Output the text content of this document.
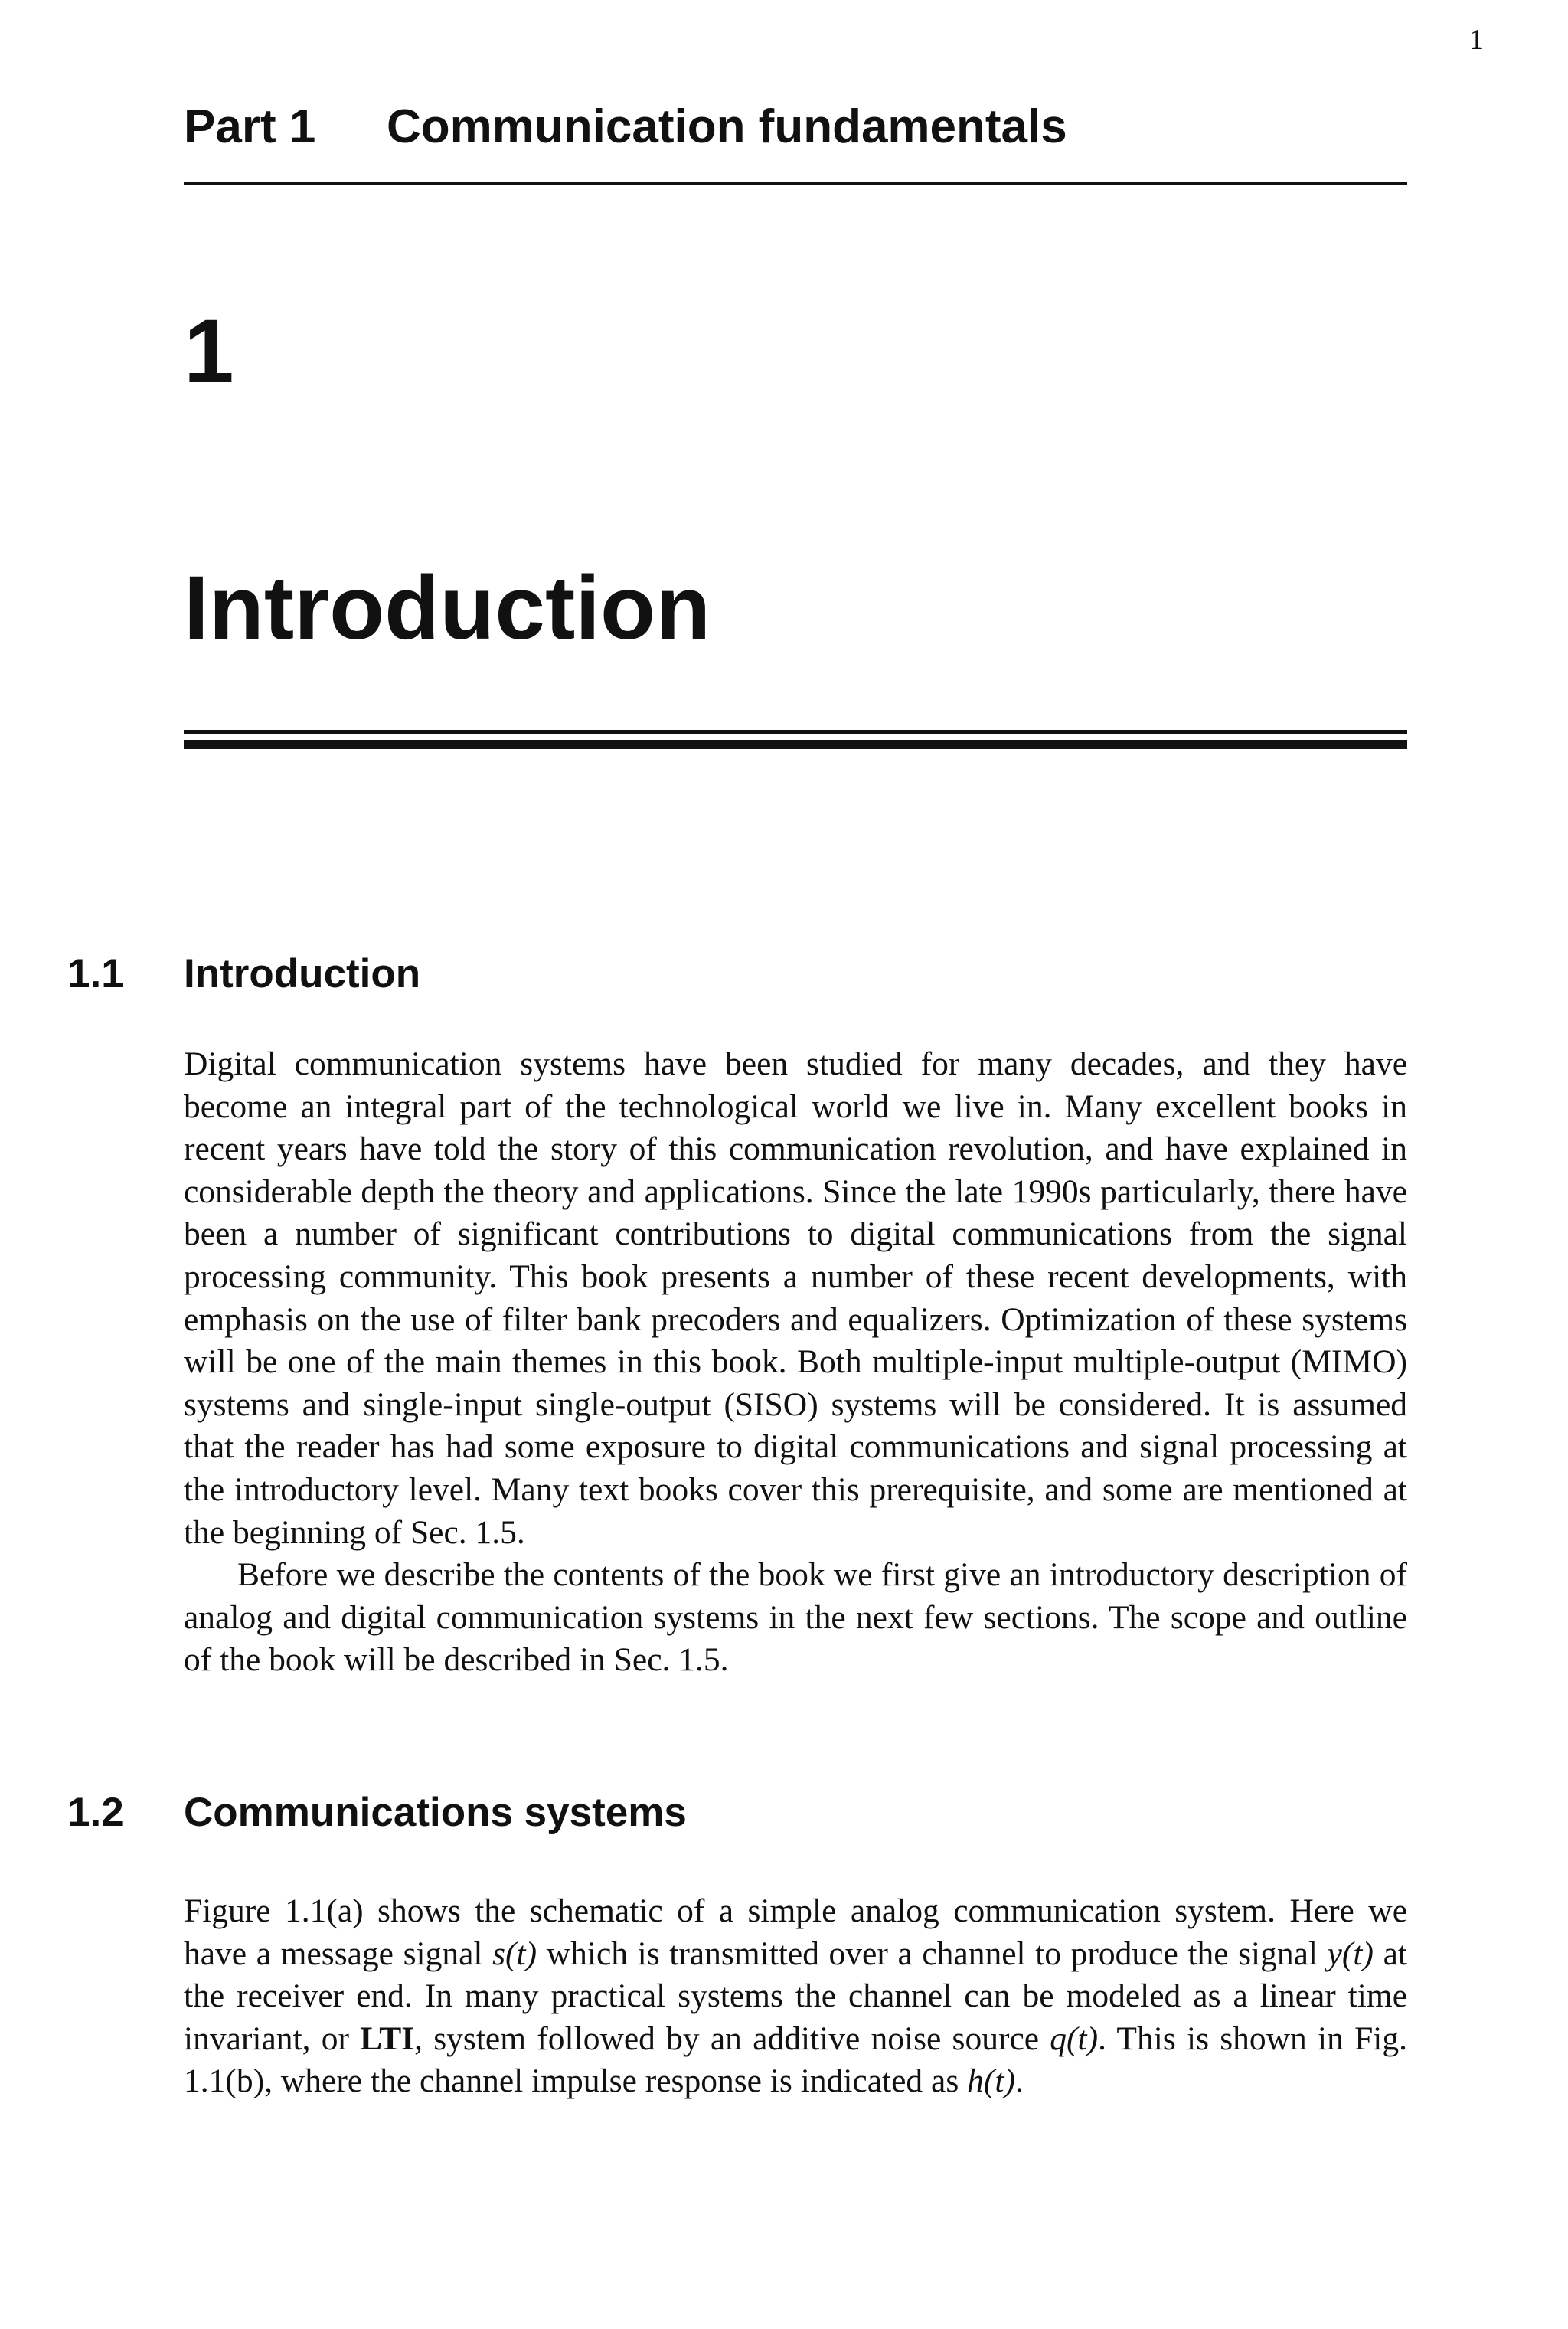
1
Part 1 Communication fundamentals
1
Introduction
1.1 Introduction

Digital communication systems have been studied for many decades, and they have become an integral part of the technological world we live in. Many excellent books in recent years have told the story of this communication revolution, and have explained in considerable depth the theory and applications. Since the late 1990s particularly, there have been a number of significant contributions to digital communications from the signal processing community. This book presents a number of these recent developments, with emphasis on the use of filter bank precoders and equalizers. Optimization of these systems will be one of the main themes in this book. Both multiple-input multiple-output (MIMO) systems and single-input single-output (SISO) systems will be considered. It is assumed that the reader has had some exposure to digital communications and signal processing at the introductory level. Many text books cover this prerequisite, and some are mentioned at the beginning of Sec. 1.5.

Before we describe the contents of the book we first give an introductory description of analog and digital communication systems in the next few sections. The scope and outline of the book will be described in Sec. 1.5.

1.2 Communications systems

Figure 1.1(a) shows the schematic of a simple analog communication system. Here we have a message signal s(t) which is transmitted over a channel to produce the signal y(t) at the receiver end. In many practical systems the channel can be modeled as a linear time invariant, or LTI, system followed by an additive noise source q(t). This is shown in Fig. 1.1(b), where the channel impulse response is indicated as h(t).
